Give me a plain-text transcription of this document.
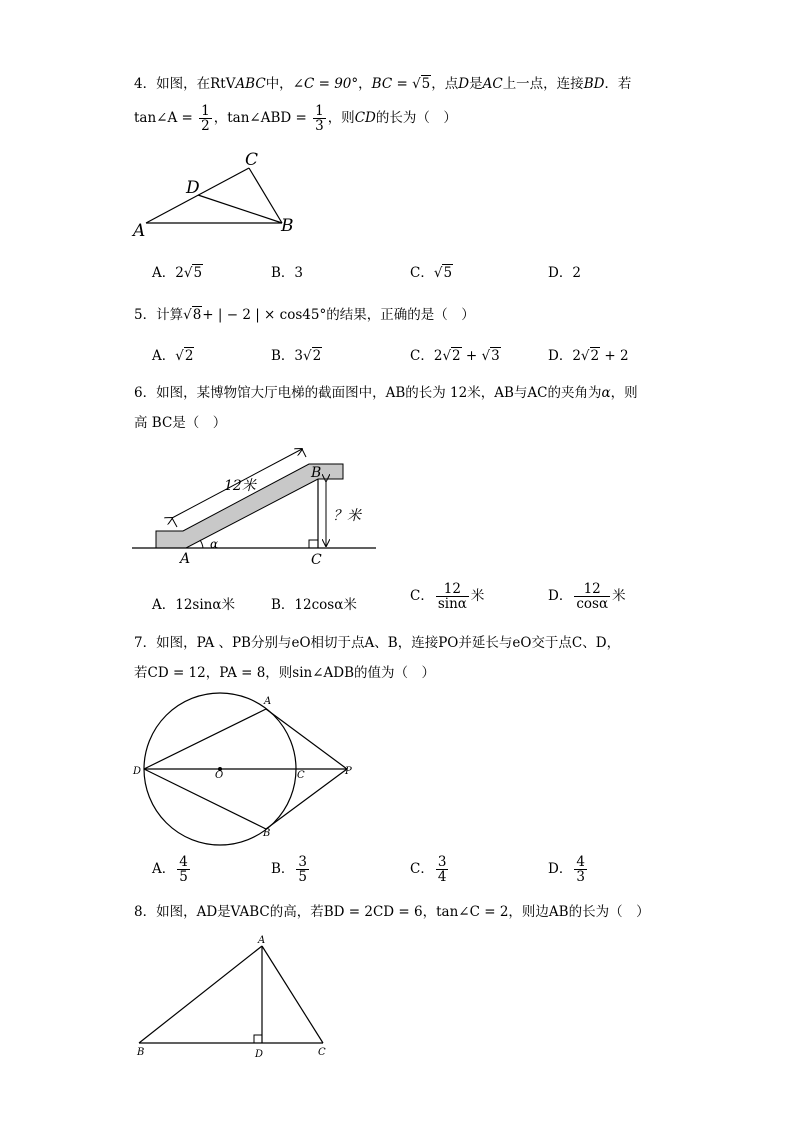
4．如图，在RtVABC中，∠C = 90°，BC = √5，点D是AC上一点，连接BD．若
tan∠A = $\frac{1}{2}$ ，tan∠ABD = $\frac{1}{3}$ ，则CD的长为（　）
C
D
A	B
A．2√5	B．3	C．√5	D．2
5．计算√8+ | − 2 | × cos45°的结果，正确的是（　）
A．√2	B．3√2	C．2√2 + √3	D．2√2 + 2
6．如图，某博物馆大厅电梯的截面图中，AB的长为 12米，AB与AC的夹角为α，则
高 BC是（　）
12米
？米
B
A	C
α
A．12sinα米	B．12cosα米
C． $\frac{12}{\sin\alpha}$ 米	D． $\frac{12}{\cos\alpha}$ 米
7．如图，PA 、PB分别与eO相切于点A、B，连接PO并延长与eO交于点C、D，
若CD = 12，PA = 8，则sin∠ADB的值为（　）
A
B
C
D	O	P
A． $\frac{4}{5}$	B． $\frac{3}{5}$	C． $\frac{3}{4}$	D． $\frac{4}{3}$
8．如图，AD是VABC的高，若BD = 2CD = 6，tan∠C = 2，则边AB的长为（　）
A
B	D	C
